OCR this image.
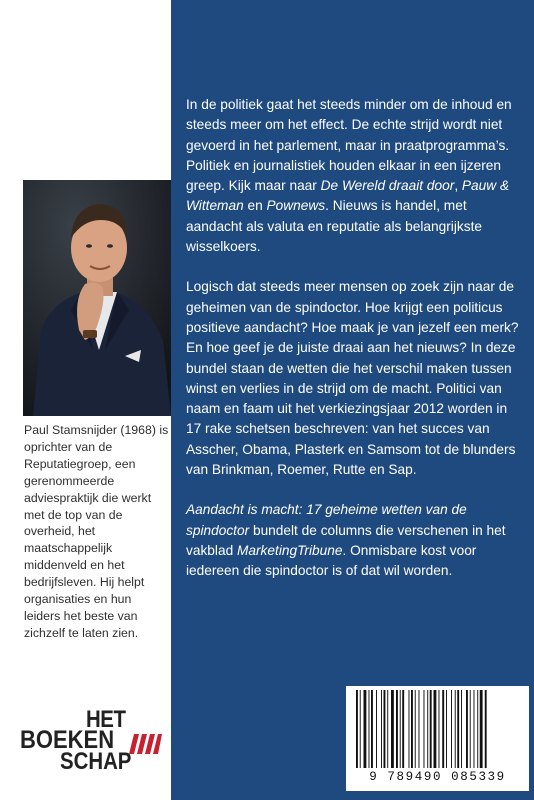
Paul Stamsnijder (1968) is oprichter van de Reputatiegroep, een gerenommeerde adviespraktijk die werkt met de top van de overheid, het maatschappelijk middenveld en het bedrijfsleven. Hij helpt organisaties en hun leiders het beste van zichzelf te laten zien.
HET
BOEKEN
SCHAP

In de politiek gaat het steeds minder om de inhoud en steeds meer om het effect. De echte strijd wordt niet gevoerd in het parlement, maar in praatprogramma’s. Politiek en journalistiek houden elkaar in een ijzeren greep. Kijk maar naar De Wereld draait door, Pauw & Witteman en Pownews. Nieuws is handel, met aandacht als valuta en reputatie als belangrijkste wisselkoers.

Logisch dat steeds meer mensen op zoek zijn naar de geheimen van de spindoctor. Hoe krijgt een politicus positieve aandacht? Hoe maak je van jezelf een merk? En hoe geef je de juiste draai aan het nieuws? In deze bundel staan de wetten die het verschil maken tussen winst en verlies in de strijd om de macht. Politici van naam en faam uit het verkiezingsjaar 2012 worden in 17 rake schetsen beschreven: van het succes van Asscher, Obama, Plasterk en Samsom tot de blunders van Brinkman, Roemer, Rutte en Sap.

Aandacht is macht: 17 geheime wetten van de spindoctor bundelt de columns die verschenen in het vakblad MarketingTribune. Onmisbare kost voor iedereen die spindoctor is of dat wil worden.

9 789490 085339
